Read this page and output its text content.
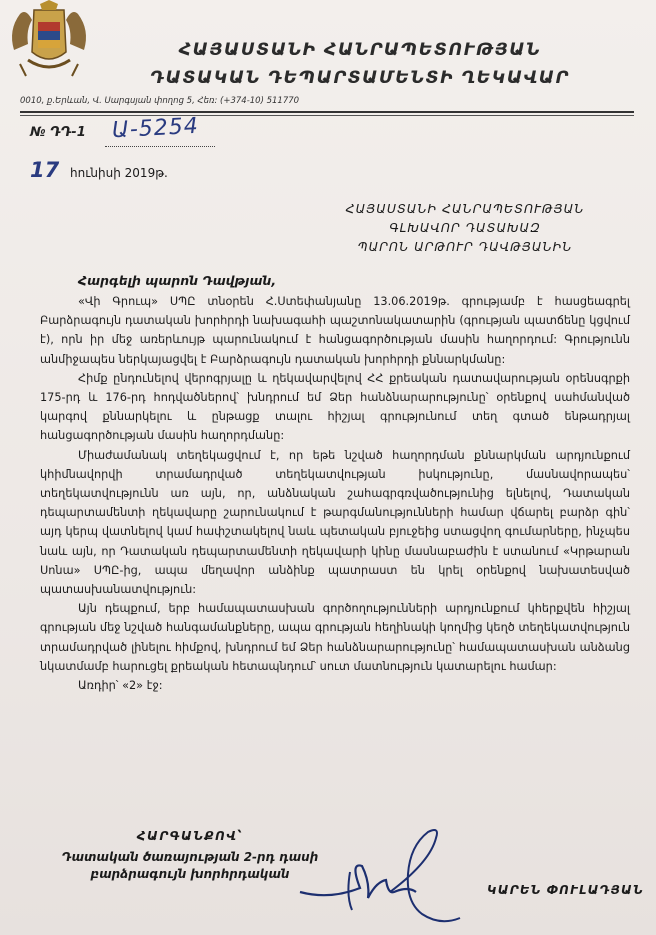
ՀԱՅԱՍՏԱՆԻ ՀԱՆՐԱՊԵՏՈՒԹՅԱՆ
ԴԱՏԱԿԱՆ ԴԵՊԱՐՏԱՄԵՆՏԻ ՂԵԿԱՎԱՐ
0010, ք.Երևան, Վ. Սարգսյան փողոց 5, Հեռ: (+374-10) 511770
№ ԴԴ-1 Ա-5254
17 հունիսի 2019թ.
ՀԱՅԱՍՏԱՆԻ ՀԱՆՐԱՊԵՏՈՒԹՅԱՆ
ԳԼԽԱՎՈՐ ԴԱՏԱԽԱԶ
ՊԱՐՈՆ ԱՐԹՈՒՐ ԴԱՎԹՅԱՆԻՆ
Հարգելի պարոն Դավթյան,

«Վի Գրուպ» ՍՊԸ տնօրեն Հ.Ստեփանյանը 13.06.2019թ. գրությամբ է հասցեագրել Բարձրագույն դատական խորհրդի նախագահի պաշտոնակատարին (գրության պատճենը կցվում է), որն իր մեջ առերևույթ պարունակում է հանցագործության մասին հաղորդում: Գրությունն անմիջապես ներկայացվել է Բարձրագույն դատական խորհրդի քննարկմանը:

Հիմք ընդունելով վերոգրյալը և ղեկավարվելով ՀՀ քրեական դատավարության օրենսգրքի 175-րդ և 176-րդ հոդվածներով՝ խնդրում եմ Ձեր հանձնարարությունը՝ օրենքով սահմանված կարգով քննարկելու և ընթացք տալու հիշյալ գրությունում տեղ գտած ենթադրյալ հանցագործության մասին հաղորդմանը:

Միաժամանակ տեղեկացվում է, որ եթե նշված հաղորդման քննարկման արդյունքում կհիմնավորվի տրամադրված տեղեկատվության իսկությունը, մասնավորապես՝ տեղեկատվությունն առ այն, որ, անձնական շահագրգռվածությունից ելնելով, Դատական դեպարտամենտի ղեկավարը շարունակում է թարգմանությունների համար վճարել բարձր գին՝ այդ կերպ վատնելով կամ հափշտակելով նաև պետական բյուջեից ստացվող գումարները, ինչպես նաև այն, որ Դատական դեպարտամենտի ղեկավարի կինը մասնաբաժին է ստանում «Կրթարան Սոնա» ՍՊԸ-ից, ապա մեղավոր անձինք պատրաստ են կրել օրենքով նախատեսված պատասխանատվություն:

Այն դեպքում, երբ համապատասխան գործողությունների արդյունքում կհերքվեն հիշյալ գրության մեջ նշված հանգամանքները, ապա գրության հեղինակի կողմից կեղծ տեղեկատվություն տրամադրված լինելու հիմքով, խնդրում եմ Ձեր հանձնարարությունը՝ համապատասխան անձանց նկատմամբ հարուցել քրեական հետապնդում՝ սուտ մատնություն կատարելու համար:

Առդիր՝ «2» էջ:

ՀԱՐԳԱՆՔՈՎ՝
Դատական ծառայության 2-րդ դասի
բարձրագույն խորհրդական
ԿԱՐԵՆ ՓՈՒԼԱԴՅԱՆ
